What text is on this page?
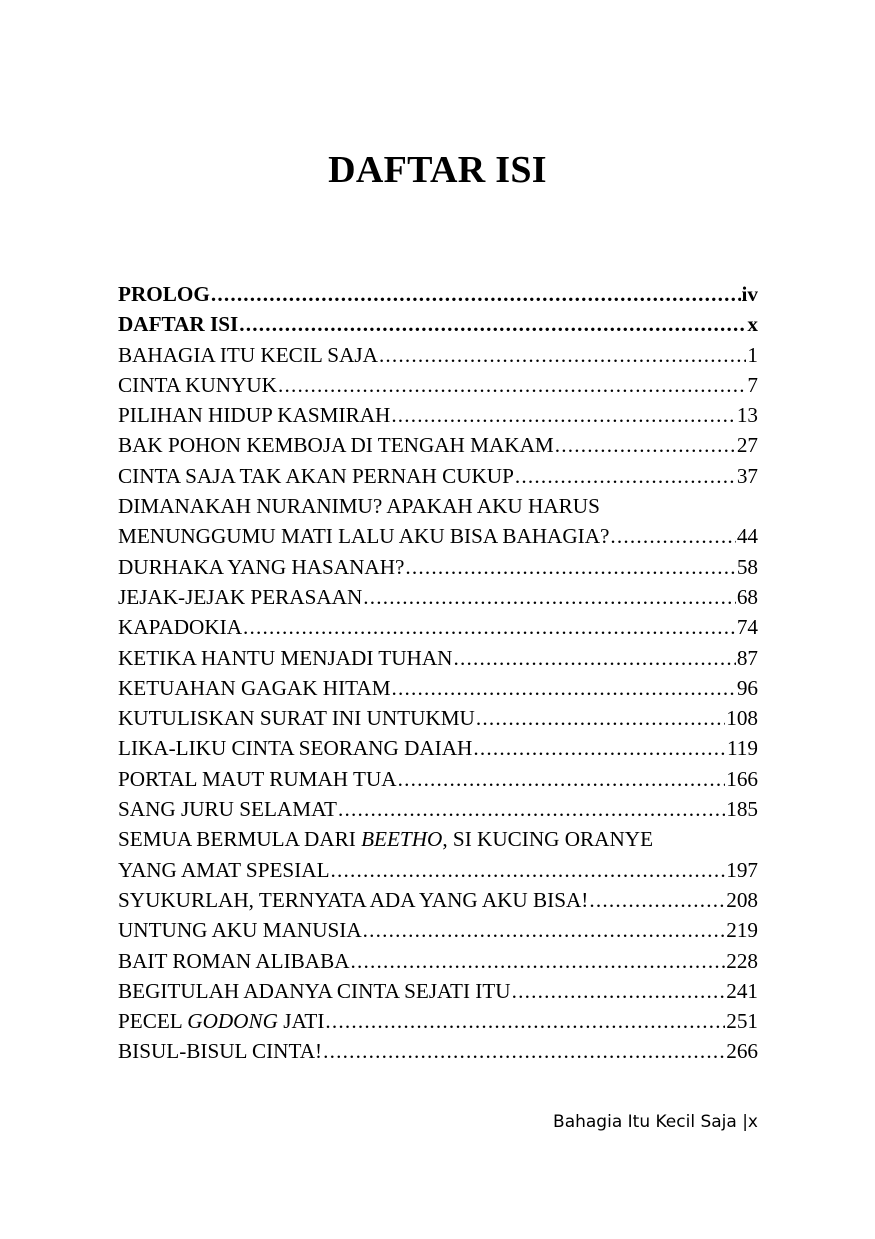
DAFTAR ISI
PROLOG .....	iv
DAFTAR ISI .....	x
BAHAGIA ITU KECIL SAJA .....	1
CINTA KUNYUK .....	7
PILIHAN HIDUP KASMIRAH .....	13
BAK POHON KEMBOJA DI TENGAH MAKAM .....	27
CINTA SAJA TAK AKAN PERNAH CUKUP .....	37
DIMANAKAH NURANIMU? APAKAH AKU HARUS
MENUNGGUMU MATI LALU AKU BISA BAHAGIA? .....	44
DURHAKA YANG HASANAH? .....	58
JEJAK-JEJAK PERASAAN .....	68
KAPADOKIA .....	74
KETIKA HANTU MENJADI TUHAN .....	87
KETUAHAN GAGAK HITAM .....	96
KUTULISKAN SURAT INI UNTUKMU .....	108
LIKA-LIKU CINTA SEORANG DAIAH .....	119
PORTAL MAUT RUMAH TUA .....	166
SANG JURU SELAMAT .....	185
SEMUA BERMULA DARI BEETHO, SI KUCING ORANYE
YANG AMAT SPESIAL .....	197
SYUKURLAH, TERNYATA ADA YANG AKU BISA! .....	208
UNTUNG AKU MANUSIA .....	219
BAIT ROMAN ALIBABA .....	228
BEGITULAH ADANYA CINTA SEJATI ITU .....	241
PECEL GODONG JATI .....	251
BISUL-BISUL CINTA! .....	266
Bahagia Itu Kecil Saja |x
